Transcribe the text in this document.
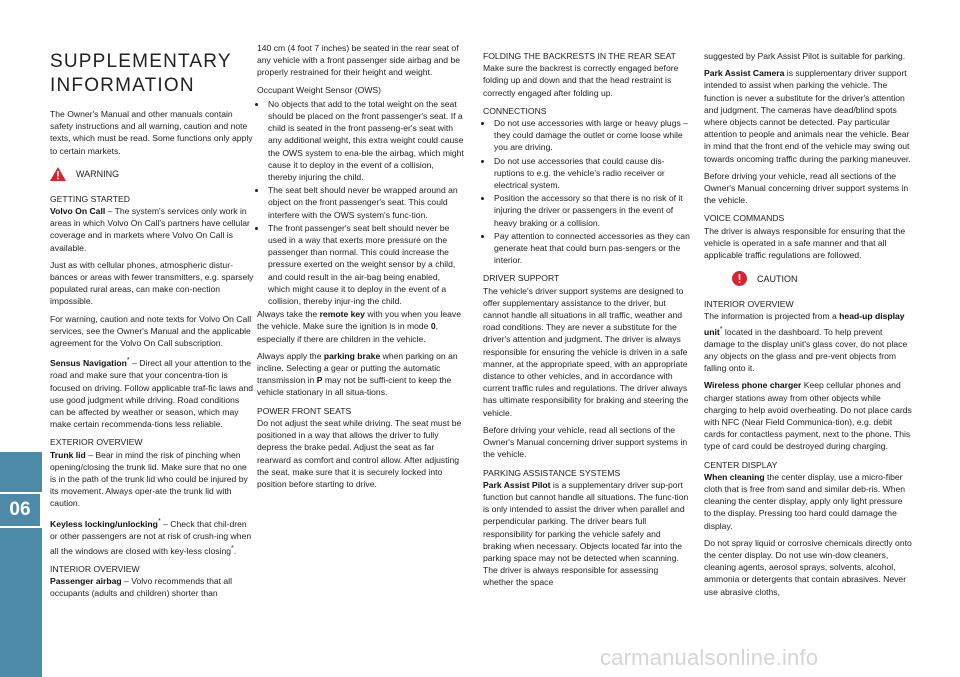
SUPPLEMENTARY INFORMATION

The Owner's Manual and other manuals contain safety instructions and all warning, caution and note texts, which must be read. Some functions only apply to certain markets.

WARNING
GETTING STARTED

Volvo On Call – The system's services only work in areas in which Volvo On Call's partners have cellular coverage and in markets where Volvo On Call is available.

Just as with cellular phones, atmospheric distur-bances or areas with fewer transmitters, e.g. sparsely populated rural areas, can make con-nection impossible.

For warning, caution and note texts for Volvo On Call services, see the Owner's Manual and the applicable agreement for the Volvo On Call subscription.

Sensus Navigation* – Direct all your attention to the road and make sure that your concentra-tion is focused on driving. Follow applicable traf-fic laws and use good judgment while driving. Road conditions can be affected by weather or season, which may make certain recommenda-tions less reliable.

EXTERIOR OVERVIEW

Trunk lid – Bear in mind the risk of pinching when opening/closing the trunk lid. Make sure that no one is in the path of the trunk lid who could be injured by its movement. Always oper-ate the trunk lid with caution.

Keyless locking/unlocking* – Check that chil-dren or other passengers are not at risk of crush-ing when all the windows are closed with key-less closing*.

INTERIOR OVERVIEW

Passenger airbag – Volvo recommends that all occupants (adults and children) shorter than

140 cm (4 foot 7 inches) be seated in the rear seat of any vehicle with a front passenger side airbag and be properly restrained for their height and weight.

Occupant Weight Sensor (OWS)

• No objects that add to the total weight on the seat should be placed on the front passenger's seat. If a child is seated in the front passeng-er's seat with any additional weight, this extra weight could cause the OWS system to ena-ble the airbag, which might cause it to deploy in the event of a collision, thereby injuring the child.
• The seat belt should never be wrapped around an object on the front passenger's seat. This could interfere with the OWS system's func-tion.
• The front passenger's seat belt should never be used in a way that exerts more pressure on the passenger than normal. This could increase the pressure exerted on the weight sensor by a child, and could result in the air-bag being enabled, which might cause it to deploy in the event of a collision, thereby injur-ing the child.

Always take the remote key with you when you leave the vehicle. Make sure the ignition is in mode 0, especially if there are children in the vehicle.

Always apply the parking brake when parking on an incline. Selecting a gear or putting the automatic transmission in P may not be suffi-cient to keep the vehicle stationary in all situa-tions.

POWER FRONT SEATS

Do not adjust the seat while driving. The seat must be positioned in a way that allows the driver to fully depress the brake pedal. Adjust the seat as far rearward as comfort and control allow. After adjusting the seat, make sure that it is securely locked into position before starting to drive.

FOLDING THE BACKRESTS IN THE REAR SEAT

Make sure the backrest is correctly engaged before folding up and down and that the head restraint is correctly engaged after folding up.

CONNECTIONS
• Do not use accessories with large or heavy plugs – they could damage the outlet or come loose while you are driving.
• Do not use accessories that could cause dis-ruptions to e.g. the vehicle's radio receiver or electrical system.
• Position the accessory so that there is no risk of it injuring the driver or passengers in the event of heavy braking or a collision.
• Pay attention to connected accessories as they can generate heat that could burn pas-sengers or the interior.
DRIVER SUPPORT

The vehicle's driver support systems are designed to offer supplementary assistance to the driver, but cannot handle all situations in all traffic, weather and road conditions. They are never a substitute for the driver's attention and judgment. The driver is always responsible for ensuring the vehicle is driven in a safe manner, at the appropriate speed, with an appropriate distance to other vehicles, and in accordance with current traffic rules and regulations. The driver always has ultimate responsibility for braking and steering the vehicle.

Before driving your vehicle, read all sections of the Owner's Manual concerning driver support systems in the vehicle.

PARKING ASSISTANCE SYSTEMS

Park Assist Pilot is a supplementary driver sup-port function but cannot handle all situations. The func-tion is only intended to assist the driver when parallel and perpendicular parking. The driver bears full responsibility for parking the vehicle safely and braking when necessary. Objects located far into the parking space may not be detected when scanning. The driver is always responsible for assessing whether the space

suggested by Park Assist Pilot is suitable for parking.

Park Assist Camera is supplementary driver support intended to assist when parking the vehicle. The function is never a substitute for the driver's attention and judgment. The cameras have dead/blind spots where objects cannot be detected. Pay particular attention to people and animals near the vehicle. Bear in mind that the front end of the vehicle may swing out towards oncoming traffic during the parking maneuver.

Before driving your vehicle, read all sections of the Owner's Manual concerning driver support systems in the vehicle.

VOICE COMMANDS

The driver is always responsible for ensuring that the vehicle is operated in a safe manner and that all applicable traffic regulations are followed.

CAUTION
INTERIOR OVERVIEW

The information is projected from a head-up display unit* located in the dashboard. To help prevent damage to the display unit's glass cover, do not place any objects on the glass and pre-vent objects from falling onto it.

Wireless phone charger Keep cellular phones and charger stations away from other objects while charging to help avoid overheating. Do not place cards with NFC (Near Field Communica-tion), e.g. debit cards for contactless payment, next to the phone. This type of card could be destroyed during charging.

CENTER DISPLAY

When cleaning the center display, use a micro-fiber cloth that is free from sand and similar deb-ris. When cleaning the center display, apply only light pressure to the display. Pressing too hard could damage the display.

Do not spray liquid or corrosive chemicals directly onto the center display. Do not use win-dow cleaners, cleaning agents, aerosol sprays, solvents, alcohol, ammonia or detergents that contain abrasives. Never use abrasive cloths,

06
carmanualsonline.info
